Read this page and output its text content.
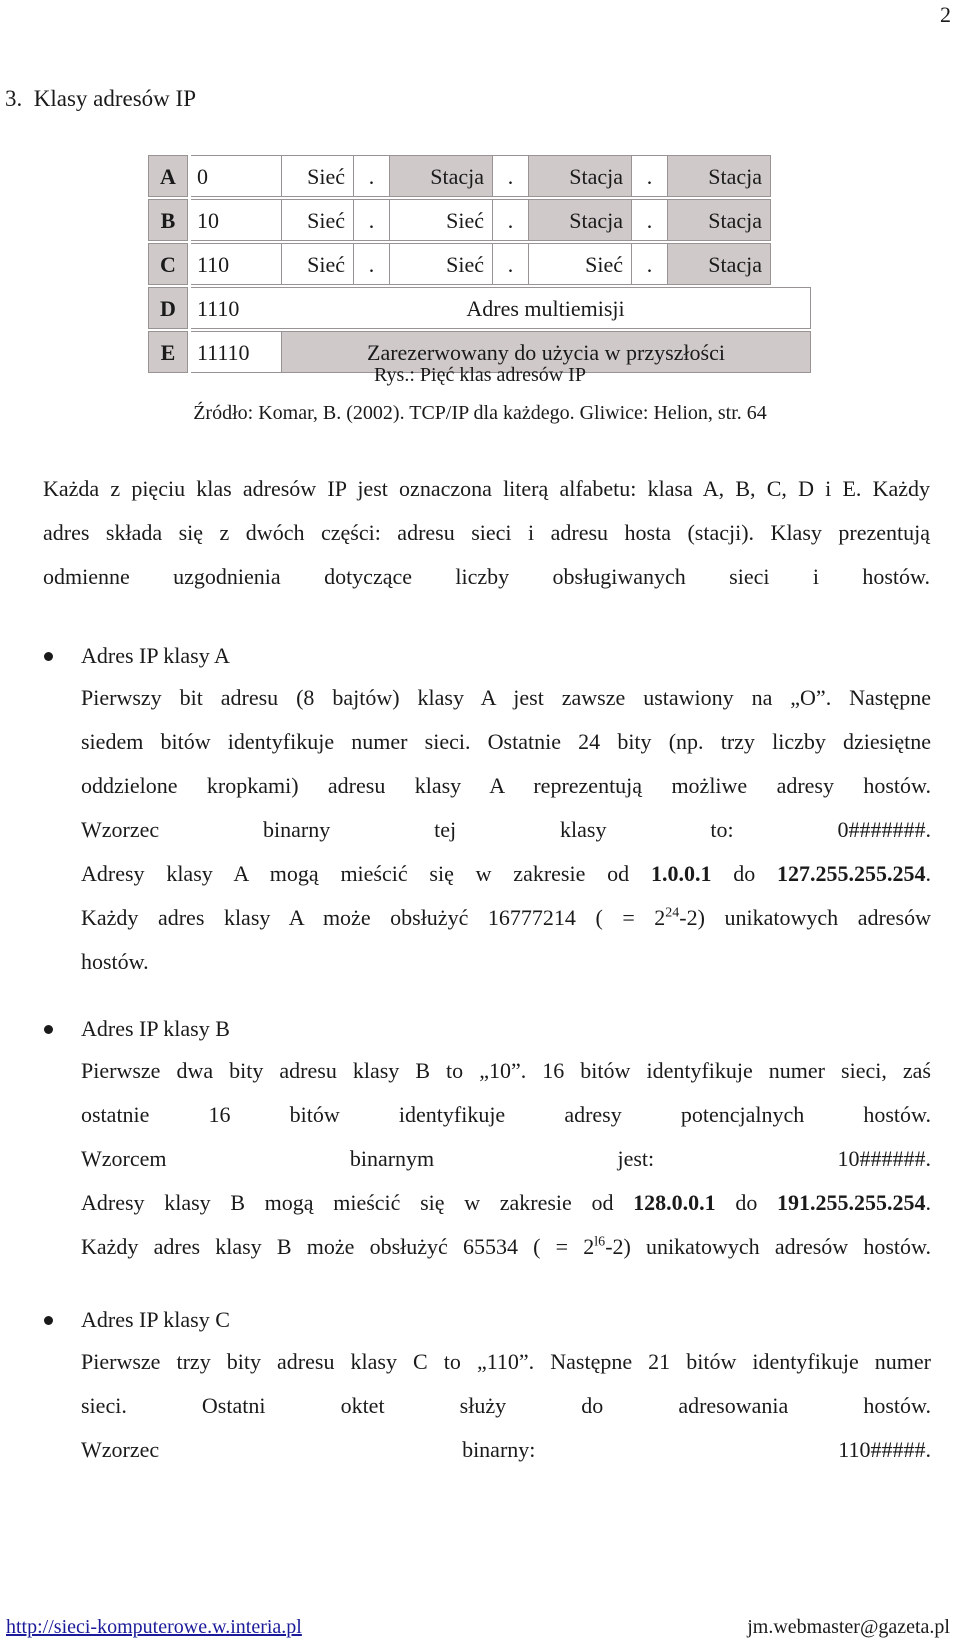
2
3.  Klasy adresów IP
A 0	Sieć	.	Stacja	.	Stacja	.	Stacja
B 10	Sieć	.	Sieć	.	Stacja	.	Stacja
C 110	Sieć	.	Sieć	.	Sieć	.	Stacja
D 1110	Adres multiemisji
E 11110	Zarezerwowany do użycia w przyszłości
Rys.: Pięć klas adresów IP
Źródło: Komar, B. (2002). TCP/IP dla każdego. Gliwice: Helion, str. 64
Każda z pięciu klas adresów IP jest oznaczona literą alfabetu: klasa A, B, C, D i E. Każdy
adres składa się z dwóch części: adresu sieci i adresu hosta (stacji). Klasy prezentują
odmienne uzgodnienia dotyczące liczby obsługiwanych sieci i hostów.
Adres IP klasy A
Pierwszy bit adresu (8 bajtów) klasy A jest zawsze ustawiony na „O”. Następne
siedem bitów identyfikuje numer sieci. Ostatnie 24 bity (np. trzy liczby dziesiętne
oddzielone kropkami) adresu klasy A reprezentują możliwe adresy hostów.
Wzorzec binarny tej klasy to: 0#######.
Adresy klasy A mogą mieścić się w zakresie od 1.0.0.1 do 127.255.255.254.
Każdy adres klasy A może obsłużyć 16777214 ( = $2^{24}-2$) unikatowych adresów
hostów.
Adres IP klasy B
Pierwsze dwa bity adresu klasy B to „10”. 16 bitów identyfikuje numer sieci, zaś
ostatnie 16 bitów identyfikuje adresy potencjalnych hostów.
Wzorcem binarnym jest: 10######.
Adresy klasy B mogą mieścić się w zakresie od 128.0.0.1 do 191.255.255.254.
Każdy adres klasy B może obsłużyć 65534 ( = $2^{l6}-2$) unikatowych adresów hostów.
Adres IP klasy C
Pierwsze trzy bity adresu klasy C to „110”. Następne 21 bitów identyfikuje numer
sieci. Ostatni oktet służy do adresowania hostów.
Wzorzec binarny: 110#####.
http://sieci-komputerowe.w.interia.pl	jm.webmaster@gazeta.pl
